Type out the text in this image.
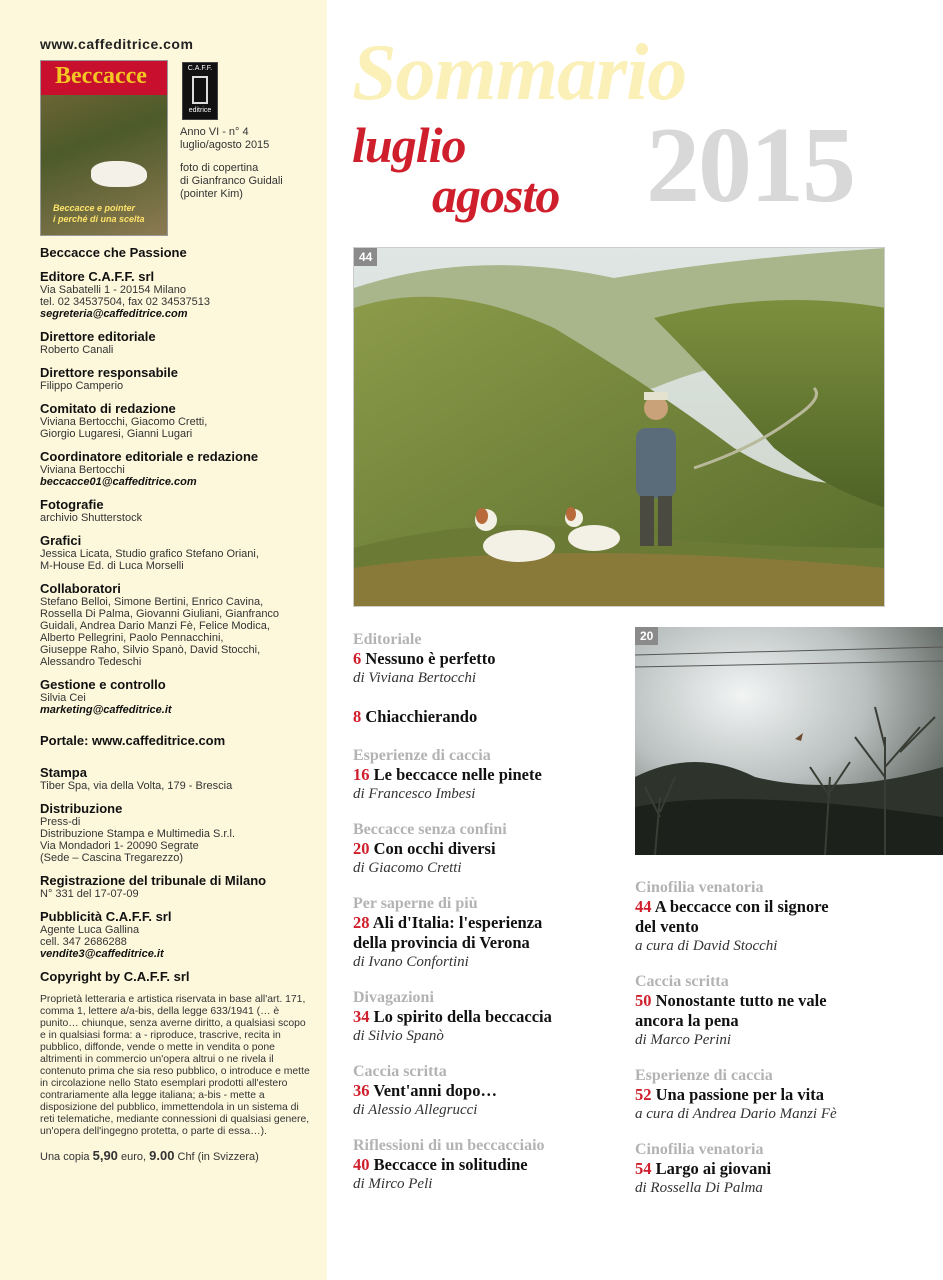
www.caffeditrice.com
Beccacce
Beccacce e pointer
i perché di una scelta
C.A.F.F.
editrice
Anno VI - n° 4
luglio/agosto 2015
foto di copertina
di Gianfranco Guidali
(pointer Kim)
Beccacce che Passione
Editore C.A.F.F. srl
Via Sabatelli 1 - 20154 Milano
tel. 02 34537504, fax 02 34537513
segreteria@caffeditrice.com
Direttore editoriale
Roberto Canali
Direttore responsabile
Filippo Camperio
Comitato di redazione
Viviana Bertocchi, Giacomo Cretti,
Giorgio Lugaresi, Gianni Lugari
Coordinatore editoriale e redazione
Viviana Bertocchi
beccacce01@caffeditrice.com
Fotografie
archivio Shutterstock
Grafici
Jessica Licata, Studio grafico Stefano Oriani,
M-House Ed. di Luca Morselli
Collaboratori
Stefano Belloi, Simone Bertini, Enrico Cavina,
Rossella Di Palma, Giovanni Giuliani, Gianfranco
Guidali, Andrea Dario Manzi Fè, Felice Modica,
Alberto Pellegrini, Paolo Pennacchini,
Giuseppe Raho, Silvio Spanò, David Stocchi,
Alessandro Tedeschi
Gestione e controllo
Silvia Cei
marketing@caffeditrice.it
Portale: www.caffeditrice.com
Stampa
Tiber Spa, via della Volta, 179 - Brescia
Distribuzione
Press-di
Distribuzione Stampa e Multimedia S.r.l.
Via Mondadori 1- 20090 Segrate
(Sede – Cascina Tregarezzo)
Registrazione del tribunale di Milano
N° 331 del 17-07-09
Pubblicità C.A.F.F. srl
Agente Luca Gallina
cell. 347 2686288
vendite3@caffeditrice.it
Copyright by C.A.F.F. srl
Proprietà letteraria e artistica riservata in base all'art. 171, comma 1, lettere a/a-bis, della legge 633/1941 (… è punito… chiunque, senza averne diritto, a qualsiasi scopo e in qualsiasi forma: a - riproduce, trascrive, recita in pubblico, diffonde, vende o mette in vendita o pone altrimenti in commercio un'opera altrui o ne rivela il contenuto prima che sia reso pubblico, o introduce e mette in circolazione nello Stato esemplari prodotti all'estero contrariamente alla legge italiana; a-bis - mette a disposizione del pubblico, immettendola in un sistema di reti telematiche, mediante connessioni di qualsiasi genere, un'opera dell'ingegno protetta, o parte di essa…).
Una copia 5,90 euro, 9.00 Chf (in Svizzera)
Sommario
luglio
agosto 2015
44
20
Editoriale
6 Nessuno è perfetto
di Viviana Bertocchi
8 Chiacchierando
Esperienze di caccia
16 Le beccacce nelle pinete
di Francesco Imbesi
Beccacce senza confini
20 Con occhi diversi
di Giacomo Cretti
Per saperne di più
28 Ali d'Italia: l'esperienza
della provincia di Verona
di Ivano Confortini
Divagazioni
34 Lo spirito della beccaccia
di Silvio Spanò
Caccia scritta
36 Vent'anni dopo…
di Alessio Allegrucci
Riflessioni di un beccacciaio
40 Beccacce in solitudine
di Mirco Peli
Cinofilia venatoria
44 A beccacce con il signore
del vento
a cura di David Stocchi
Caccia scritta
50 Nonostante tutto ne vale
ancora la pena
di Marco Perini
Esperienze di caccia
52 Una passione per la vita
a cura di Andrea Dario Manzi Fè
Cinofilia venatoria
54 Largo ai giovani
di Rossella Di Palma
